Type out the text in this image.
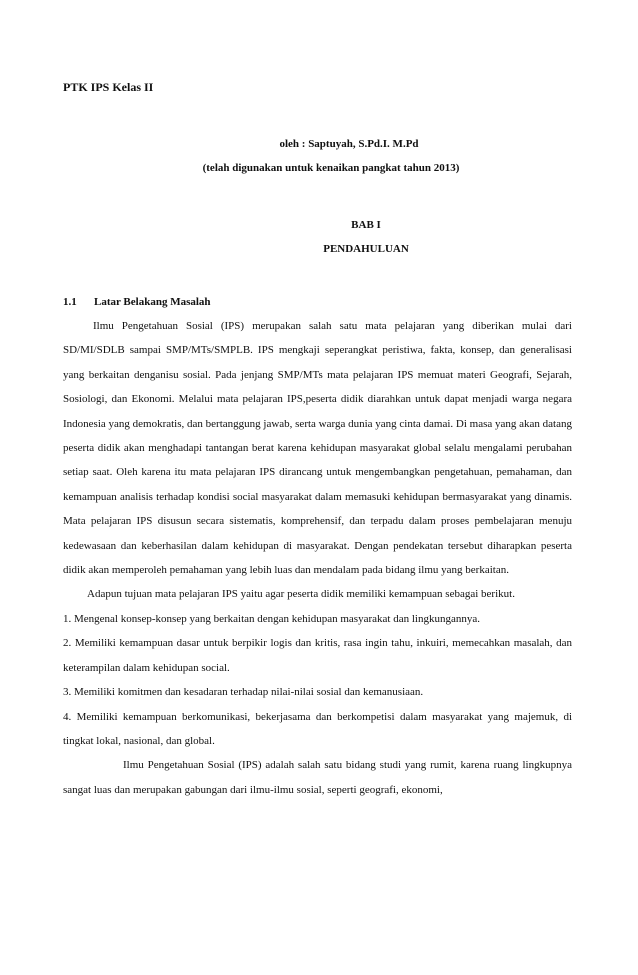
PTK IPS Kelas II
oleh : Saptuyah, S.Pd.I. M.Pd
(telah digunakan untuk kenaikan pangkat tahun 2013)
BAB I
PENDAHULUAN
1.1 Latar Belakang Masalah

Ilmu Pengetahuan Sosial (IPS) merupakan salah satu mata pelajaran yang diberikan mulai dari SD/MI/SDLB sampai SMP/MTs/SMPLB. IPS mengkaji seperangkat peristiwa, fakta, konsep, dan generalisasi yang berkaitan denganisu sosial. Pada jenjang SMP/MTs mata pelajaran IPS memuat materi Geografi, Sejarah, Sosiologi, dan Ekonomi. Melalui mata pelajaran IPS,peserta didik diarahkan untuk dapat menjadi warga negara Indonesia yang demokratis, dan bertanggung jawab, serta warga dunia yang cinta damai. Di masa yang akan datang peserta didik akan menghadapi tantangan berat karena kehidupan masyarakat global selalu mengalami perubahan setiap saat. Oleh karena itu mata pelajaran IPS dirancang untuk mengembangkan pengetahuan, pemahaman, dan kemampuan analisis terhadap kondisi social masyarakat dalam memasuki kehidupan bermasyarakat yang dinamis. Mata pelajaran IPS disusun secara sistematis, komprehensif, dan terpadu dalam proses pembelajaran menuju kedewasaan dan keberhasilan dalam kehidupan di masyarakat. Dengan pendekatan tersebut diharapkan peserta didik akan memperoleh pemahaman yang lebih luas dan mendalam pada bidang ilmu yang berkaitan.

Adapun tujuan mata pelajaran IPS yaitu agar peserta didik memiliki kemampuan sebagai berikut.

1. Mengenal konsep-konsep yang berkaitan dengan kehidupan masyarakat dan lingkungannya.

2. Memiliki kemampuan dasar untuk berpikir logis dan kritis, rasa ingin tahu, inkuiri, memecahkan masalah, dan keterampilan dalam kehidupan social.

3. Memiliki komitmen dan kesadaran terhadap nilai-nilai sosial dan kemanusiaan.

4. Memiliki kemampuan berkomunikasi, bekerjasama dan berkompetisi dalam masyarakat yang majemuk, di tingkat lokal, nasional, dan global.

Ilmu Pengetahuan Sosial (IPS) adalah salah satu bidang studi yang rumit, karena ruang lingkupnya sangat luas dan merupakan gabungan dari ilmu-ilmu sosial, seperti geografi, ekonomi,
